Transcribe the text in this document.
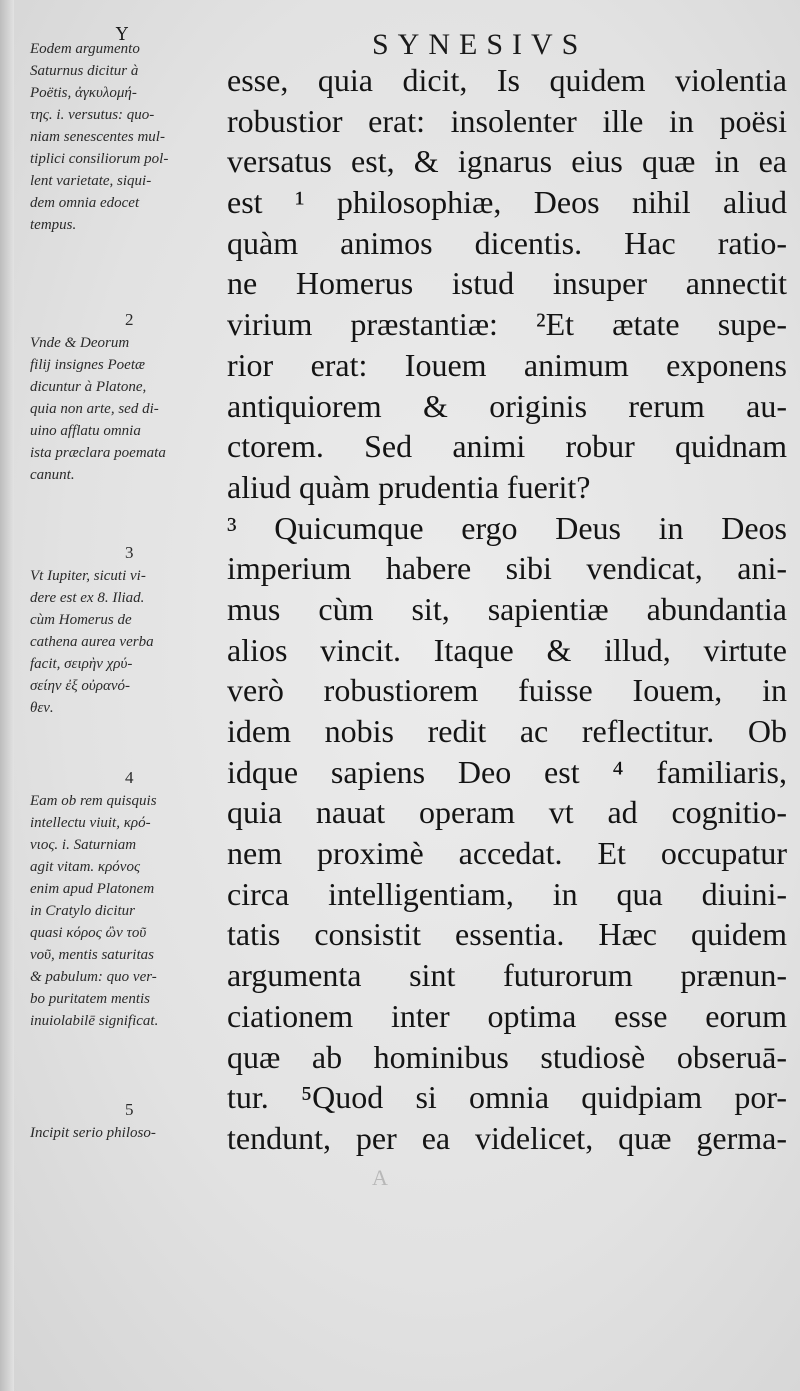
Y	SYNESIVS
Eodem argumento
Saturnus dicitur à
Poëtis, ἀγκυλομή-
της. i. versutus: quo-
niam senescentes mul-
tiplici consiliorum pol-
lent varietate, siqui-
dem omnia edocet
tempus.
2
Vnde & Deorum
filij insignes Poetæ
dicuntur à Platone,
quia non arte, sed di-
uino afflatu omnia
ista præclara poemata
canunt.
3
Vt Iupiter, sicuti vi-
dere est ex 8. Iliad.
cùm Homerus de
cathena aurea verba
facit, σειρὴν χρύ-
σείην ἐξ οὐρανό-
θεν.
4
Eam ob rem quisquis
intellectu viuit, κρό-
νιος. i. Saturniam
agit vitam. κρόνος
enim apud Platonem
in Cratylo dicitur
quasi κόρος ὢν τοῦ
νοῦ, mentis saturitas
& pabulum: quo ver-
bo puritatem mentis
inuiolabilē significat.
5
Incipit serio philoso-
esse, quia dicit, Is quidem violentia
robustior erat: insolenter ille in poësi
versatus est, & ignarus eius quæ in ea
est ¹ philosophiæ, Deos nihil aliud
quàm animos dicentis. Hac ratio-
ne Homerus istud insuper annectit
virium præstantiæ: ²Et ætate supe-
rior erat: Iouem animum exponens
antiquiorem & originis rerum au-
ctorem. Sed animi robur quidnam
aliud quàm prudentia fuerit?
³ Quicumque ergo Deus in Deos
imperium habere sibi vendicat, ani-
mus cùm sit, sapientiæ abundantia
alios vincit. Itaque & illud, virtute
verò robustiorem fuisse Iouem, in
idem nobis redit ac reflectitur. Ob
idque sapiens Deo est ⁴ familiaris,
quia nauat operam vt ad cognitio-
nem proximè accedat. Et occupatur
circa intelligentiam, in qua diuini-
tatis consistit essentia. Hæc quidem
argumenta sint futurorum prænun-
ciationem inter optima esse eorum
quæ ab hominibus studiosè obseruā-
tur. ⁵Quod si omnia quidpiam por-
tendunt, per ea videlicet, quæ germa-
A
